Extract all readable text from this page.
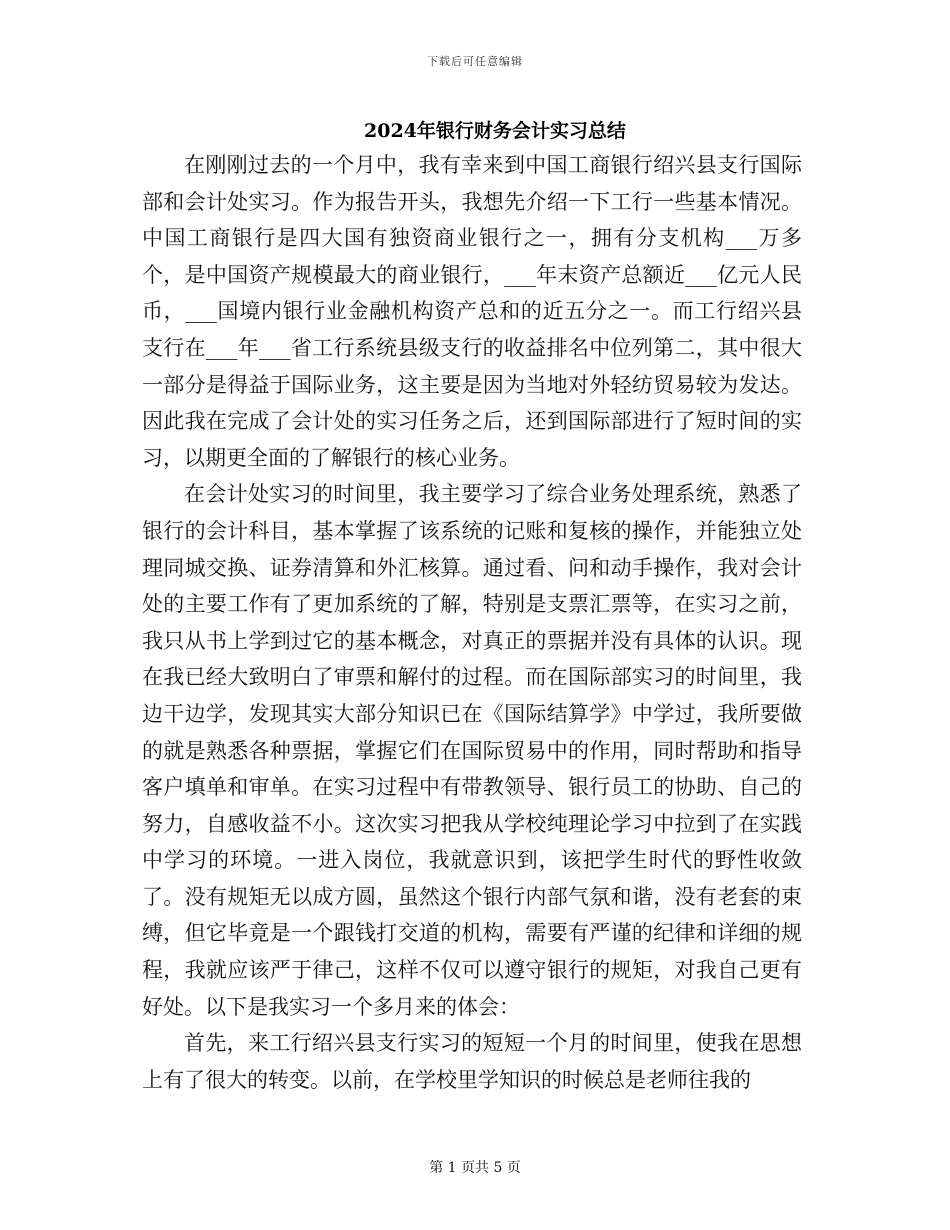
下载后可任意编辑
2024年银行财务会计实习总结

在刚刚过去的一个月中，我有幸来到中国工商银行绍兴县支行国际部和会计处实习。作为报告开头，我想先介绍一下工行一些基本情况。中国工商银行是四大国有独资商业银行之一，拥有分支机构___万多个，是中国资产规模最大的商业银行，___年末资产总额近___亿元人民币，___国境内银行业金融机构资产总和的近五分之一。而工行绍兴县支行在___年___省工行系统县级支行的收益排名中位列第二，其中很大一部分是得益于国际业务，这主要是因为当地对外轻纺贸易较为发达。因此我在完成了会计处的实习任务之后，还到国际部进行了短时间的实习，以期更全面的了解银行的核心业务。

在会计处实习的时间里，我主要学习了综合业务处理系统，熟悉了银行的会计科目，基本掌握了该系统的记账和复核的操作，并能独立处理同城交换、证券清算和外汇核算。通过看、问和动手操作，我对会计处的主要工作有了更加系统的了解，特别是支票汇票等，在实习之前，我只从书上学到过它的基本概念，对真正的票据并没有具体的认识。现在我已经大致明白了审票和解付的过程。而在国际部实习的时间里，我边干边学，发现其实大部分知识已在《国际结算学》中学过，我所要做的就是熟悉各种票据，掌握它们在国际贸易中的作用，同时帮助和指导客户填单和审单。在实习过程中有带教领导、银行员工的协助、自己的努力，自感收益不小。这次实习把我从学校纯理论学习中拉到了在实践中学习的环境。一进入岗位，我就意识到，该把学生时代的野性收敛了。没有规矩无以成方圆，虽然这个银行内部气氛和谐，没有老套的束缚，但它毕竟是一个跟钱打交道的机构，需要有严谨的纪律和详细的规程，我就应该严于律己，这样不仅可以遵守银行的规矩，对我自己更有好处。以下是我实习一个多月来的体会：

首先，来工行绍兴县支行实习的短短一个月的时间里，使我在思想上有了很大的转变。以前，在学校里学知识的时候总是老师往我的

第 1 页共 5 页
